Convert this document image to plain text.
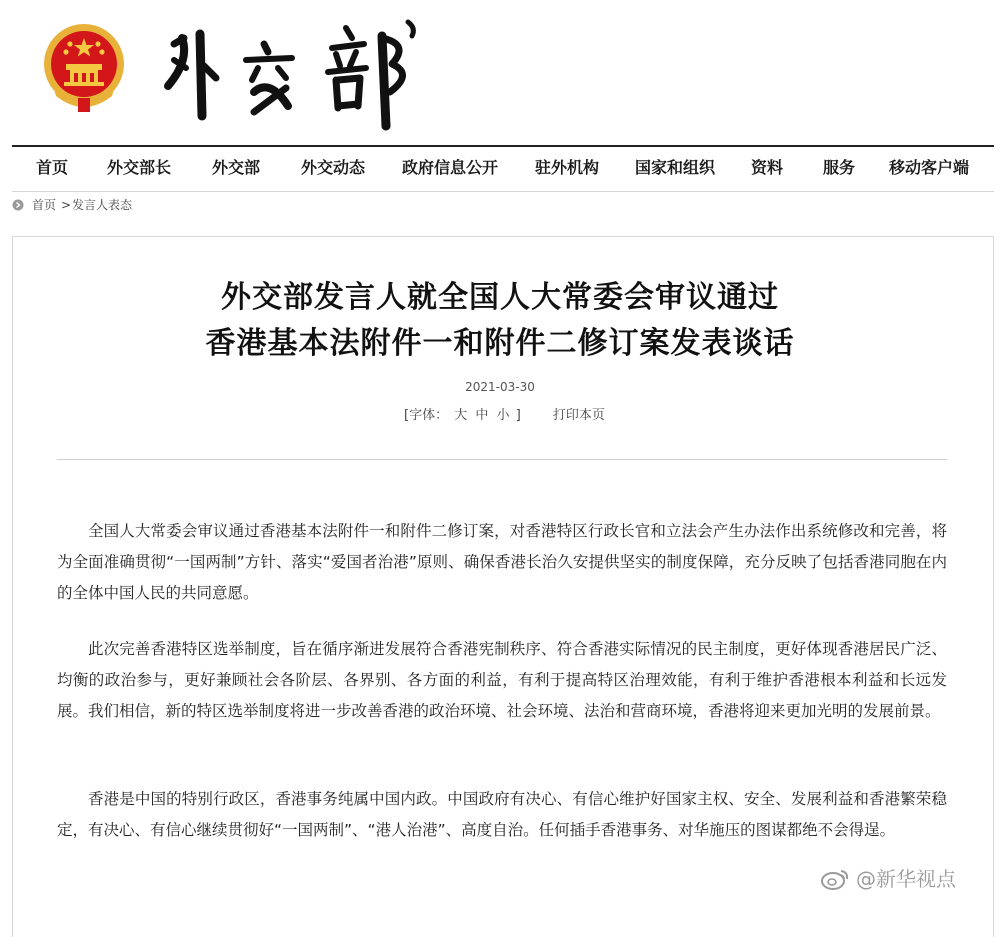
首页 外交部长	外交部	外交动态 政府信息公开 驻外机构 国家和组织 资料 服务 移动客户端
首页 > 发言人表态
外交部发言人就全国人大常委会审议通过
香港基本法附件一和附件二修订案发表谈话
2021-03-30
[字体： 大 中 小 ] 打印本页

全国人大常委会审议通过香港基本法附件一和附件二修订案，对香港特区行政长官和立法会产生办法作出系统修改和完善，将为全面准确贯彻“一国两制”方针、落实“爱国者治港”原则、确保香港长治久安提供坚实的制度保障，充分反映了包括香港同胞在内的全体中国人民的共同意愿。

此次完善香港特区选举制度，旨在循序渐进发展符合香港宪制秩序、符合香港实际情况的民主制度，更好体现香港居民广泛、均衡的政治参与，更好兼顾社会各阶层、各界别、各方面的利益，有利于提高特区治理效能，有利于维护香港根本利益和长远发展。我们相信，新的特区选举制度将进一步改善香港的政治环境、社会环境、法治和营商环境，香港将迎来更加光明的发展前景。

香港是中国的特别行政区，香港事务纯属中国内政。中国政府有决心、有信心维护好国家主权、安全、发展利益和香港繁荣稳定，有决心、有信心继续贯彻好“一国两制”、“港人治港”、高度自治。任何插手香港事务、对华施压的图谋都绝不会得逞。

@新华视点
